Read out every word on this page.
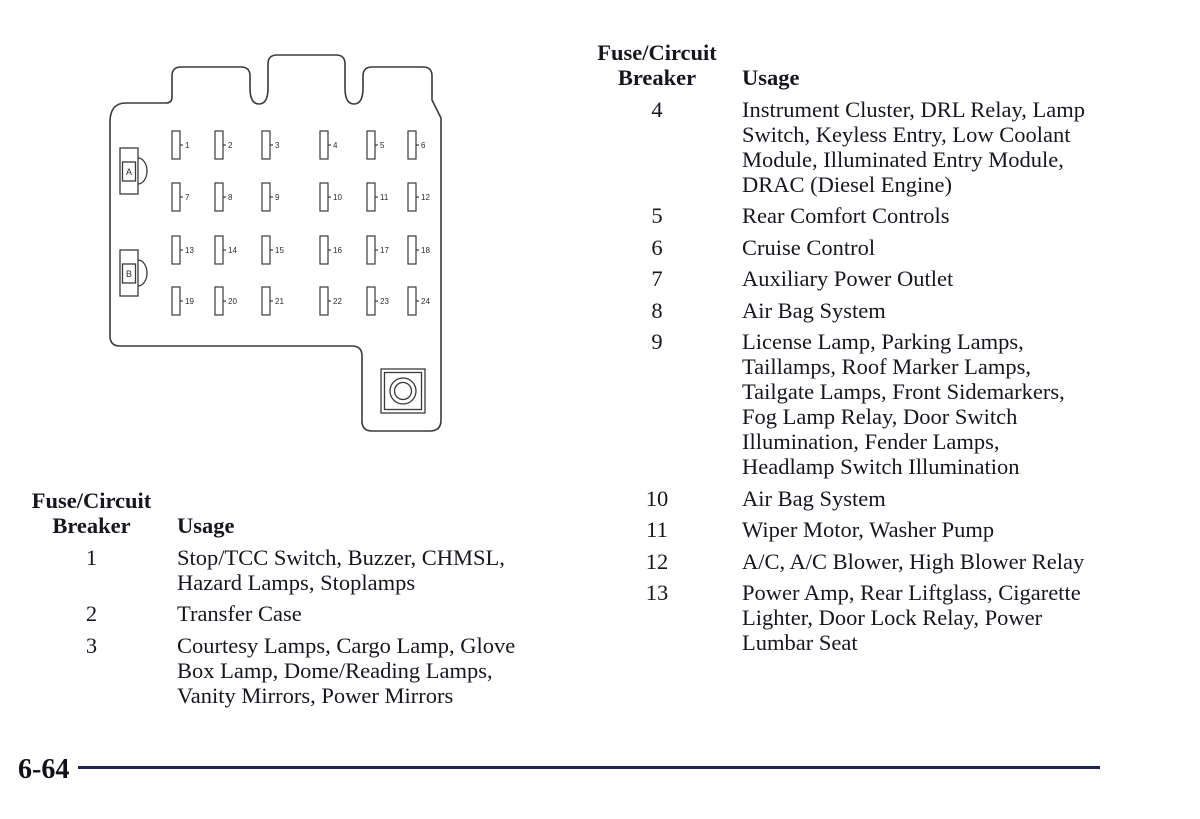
A
B
1	2	3	4	5	6
7	8	9	10	11	12
13	14	15	16	17	18
19	20	21	22	23	24
Fuse/Circuit
Breaker	Usage
4	Instrument Cluster, DRL Relay, Lamp
Switch, Keyless Entry, Low Coolant
Module, Illuminated Entry Module,
DRAC (Diesel Engine)
5	Rear Comfort Controls
6	Cruise Control
7	Auxiliary Power Outlet
8	Air Bag System
9	License Lamp, Parking Lamps,
Taillamps, Roof Marker Lamps,
Tailgate Lamps, Front Sidemarkers,
Fog Lamp Relay, Door Switch
Illumination, Fender Lamps,
Headlamp Switch Illumination
10	Air Bag System
11	Wiper Motor, Washer Pump
12	A/C, A/C Blower, High Blower Relay
13	Power Amp, Rear Liftglass, Cigarette
Lighter, Door Lock Relay, Power
Lumbar Seat
Fuse/Circuit
Breaker	Usage
1	Stop/TCC Switch, Buzzer, CHMSL,
Hazard Lamps, Stoplamps
2	Transfer Case
3	Courtesy Lamps, Cargo Lamp, Glove
Box Lamp, Dome/Reading Lamps,
Vanity Mirrors, Power Mirrors
6-64
